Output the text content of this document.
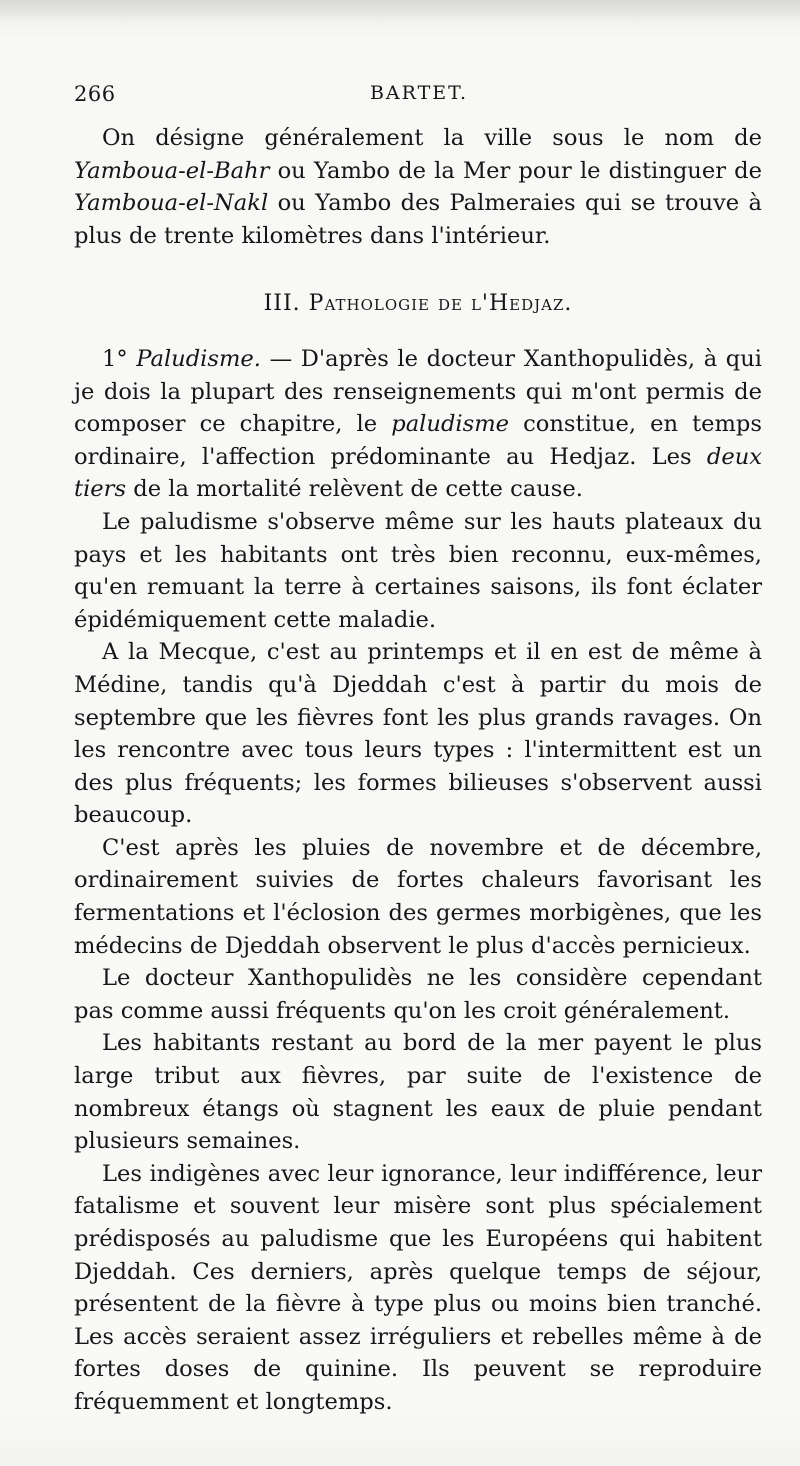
266	BARTET.

On désigne généralement la ville sous le nom de Yamboua-el-Bahr ou Yambo de la Mer pour le distinguer de Yamboua-el-Nakl ou Yambo des Palmeraies qui se trouve à plus de trente kilomètres dans l'intérieur.

III. Pathologie de l'Hedjaz.

1° Paludisme. — D'après le docteur Xanthopulidès, à qui je dois la plupart des renseignements qui m'ont permis de composer ce chapitre, le paludisme constitue, en temps ordinaire, l'affection prédominante au Hedjaz. Les deux tiers de la mortalité relèvent de cette cause.

Le paludisme s'observe même sur les hauts plateaux du pays et les habitants ont très bien reconnu, eux-mêmes, qu'en remuant la terre à certaines saisons, ils font éclater épidémiquement cette maladie.

A la Mecque, c'est au printemps et il en est de même à Médine, tandis qu'à Djeddah c'est à partir du mois de septembre que les fièvres font les plus grands ravages. On les rencontre avec tous leurs types : l'intermittent est un des plus fréquents; les formes bilieuses s'observent aussi beaucoup.

C'est après les pluies de novembre et de décembre, ordinairement suivies de fortes chaleurs favorisant les fermentations et l'éclosion des germes morbigènes, que les médecins de Djeddah observent le plus d'accès pernicieux.

Le docteur Xanthopulidès ne les considère cependant pas comme aussi fréquents qu'on les croit généralement.

Les habitants restant au bord de la mer payent le plus large tribut aux fièvres, par suite de l'existence de nombreux étangs où stagnent les eaux de pluie pendant plusieurs semaines.

Les indigènes avec leur ignorance, leur indifférence, leur fatalisme et souvent leur misère sont plus spécialement prédisposés au paludisme que les Européens qui habitent Djeddah. Ces derniers, après quelque temps de séjour, présentent de la fièvre à type plus ou moins bien tranché. Les accès seraient assez irréguliers et rebelles même à de fortes doses de quinine. Ils peuvent se reproduire fréquemment et longtemps.
